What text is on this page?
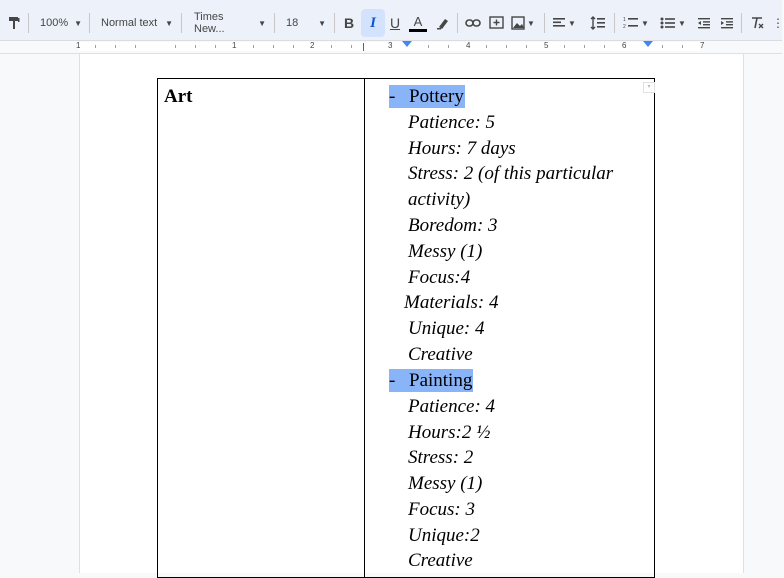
100% ▼ Normal text ▼ Times New...	▼ 18 ▼	B	I	U	A	▼	▼	1
2 ▼	▼	⋮
1	1	2	3	4	5	6	7
▾
Art	- Pottery
Patience: 5
Hours: 7 days
Stress: 2 (of this particular
activity)
Boredom: 3
Messy (1)
Focus:4
Materials: 4
Unique: 4
Creative
- Painting
Patience: 4
Hours:2 ½
Stress: 2
Messy (1)
Focus: 3
Unique:2
Creative
